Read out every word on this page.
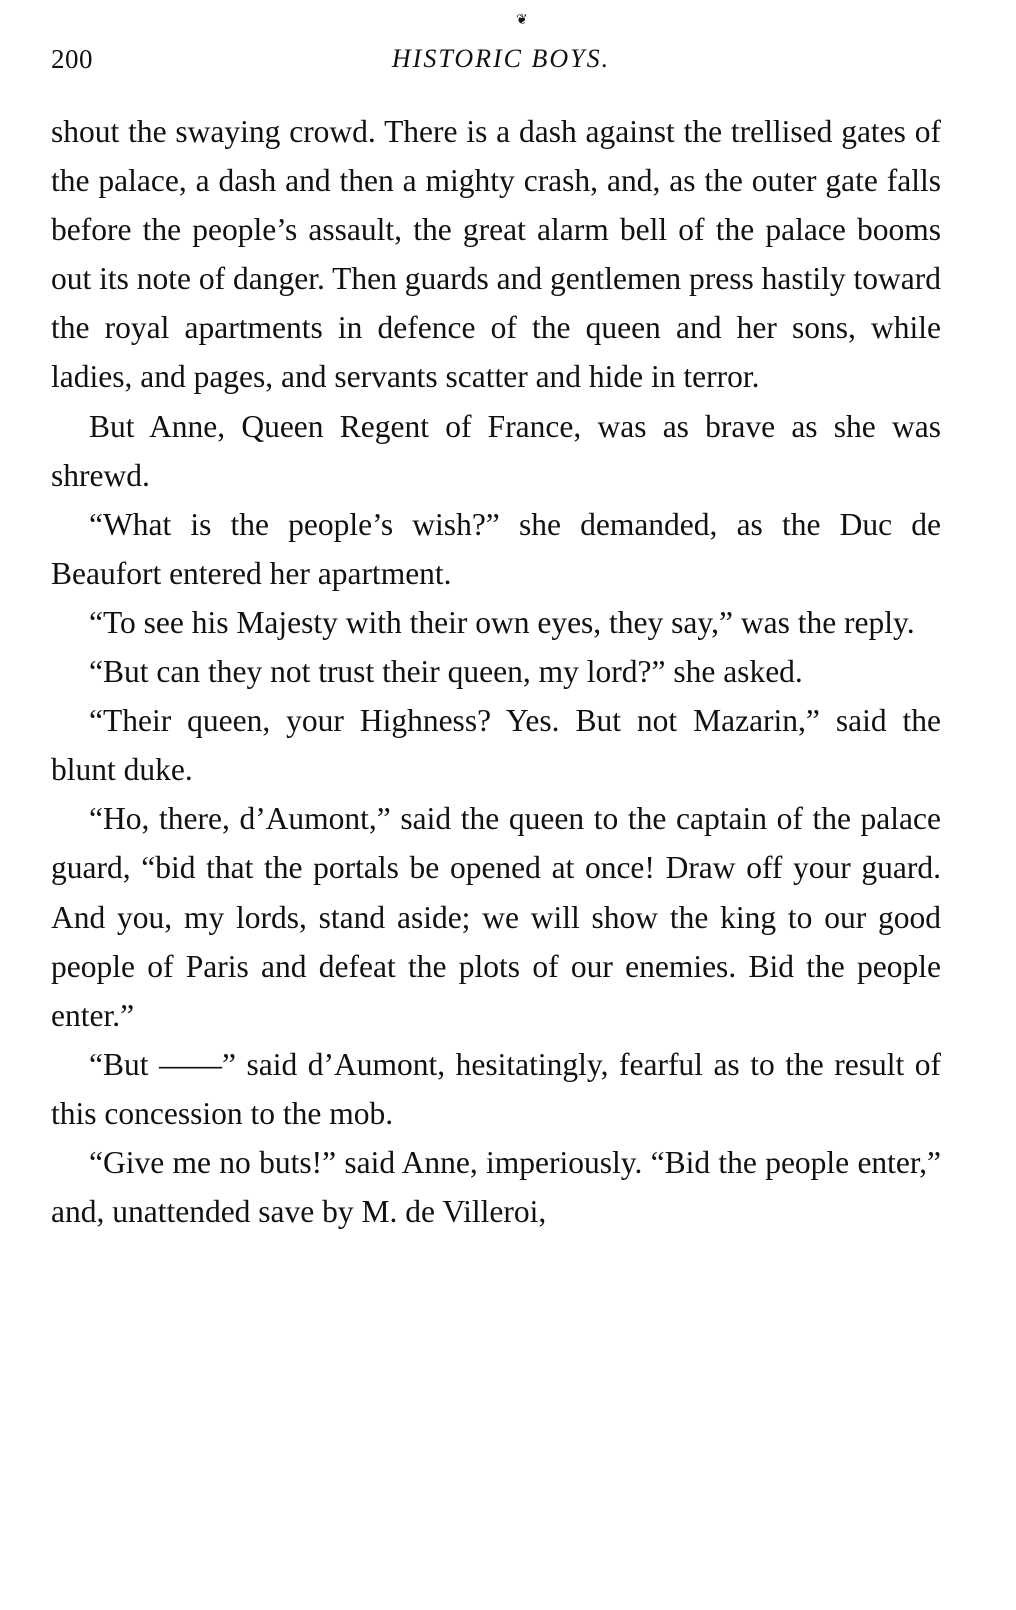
❦
200	HISTORIC BOYS.

shout the swaying crowd. There is a dash against the trellised gates of the palace, a dash and then a mighty crash, and, as the outer gate falls before the people’s assault, the great alarm bell of the palace booms out its note of danger. Then guards and gentlemen press hastily toward the royal apartments in defence of the queen and her sons, while ladies, and pages, and servants scatter and hide in terror.

But Anne, Queen Regent of France, was as brave as she was shrewd.

“What is the people’s wish?” she demanded, as the Duc de Beaufort entered her apartment.

“To see his Majesty with their own eyes, they say,” was the reply.

“But can they not trust their queen, my lord?” she asked.

“Their queen, your Highness? Yes. But not Mazarin,” said the blunt duke.

“Ho, there, d’Aumont,” said the queen to the captain of the palace guard, “bid that the portals be opened at once! Draw off your guard. And you, my lords, stand aside; we will show the king to our good people of Paris and defeat the plots of our enemies. Bid the people enter.”

“But ——” said d’Aumont, hesitatingly, fearful as to the result of this concession to the mob.

“Give me no buts!” said Anne, imperiously. “Bid the people enter,” and, unattended save by M. de Villeroi,
